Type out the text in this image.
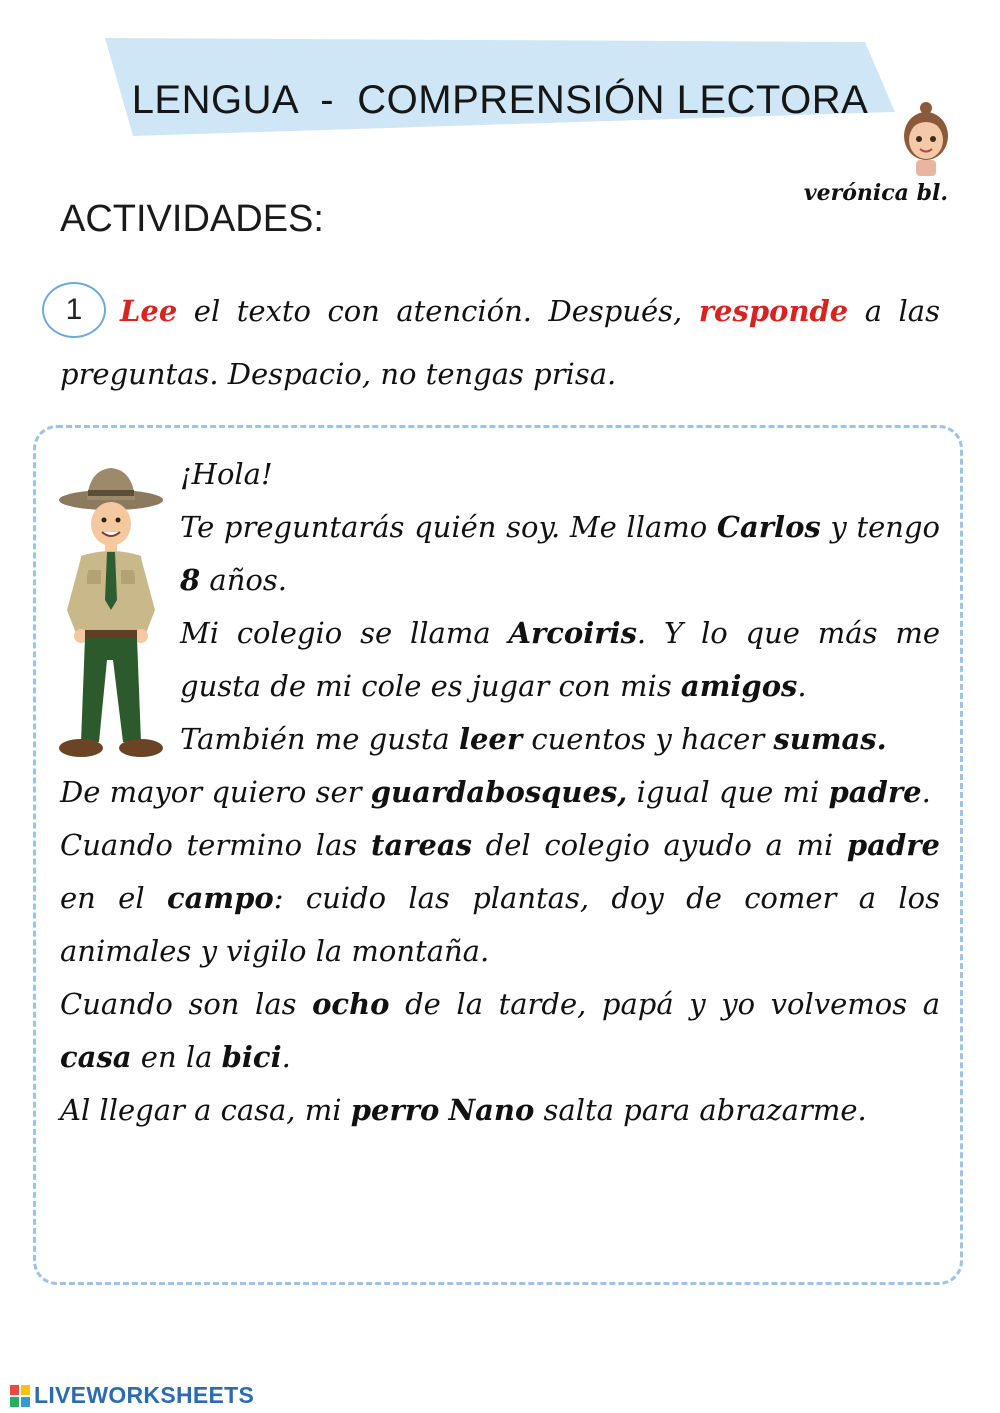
LENGUA  -  COMPRENSIÓN LECTORA
verónica bl.
ACTIVIDADES:
1	Lee el texto con atención. Después, responde a las preguntas. Despacio, no tengas prisa.

¡Hola!

Te preguntarás quién soy. Me llamo Carlos y tengo 8 años.

Mi colegio se llama Arcoiris. Y lo que más me gusta de mi cole es jugar con mis amigos.

También me gusta leer cuentos y hacer sumas.

De mayor quiero ser guardabosques, igual que mi padre.

Cuando termino las tareas del colegio ayudo a mi padre en el campo: cuido las plantas, doy de comer a los animales y vigilo la montaña.

Cuando son las ocho de la tarde, papá y yo volvemos a casa en la bici.

Al llegar a casa, mi perro Nano salta para abrazarme.

LIVEWORKSHEETS
